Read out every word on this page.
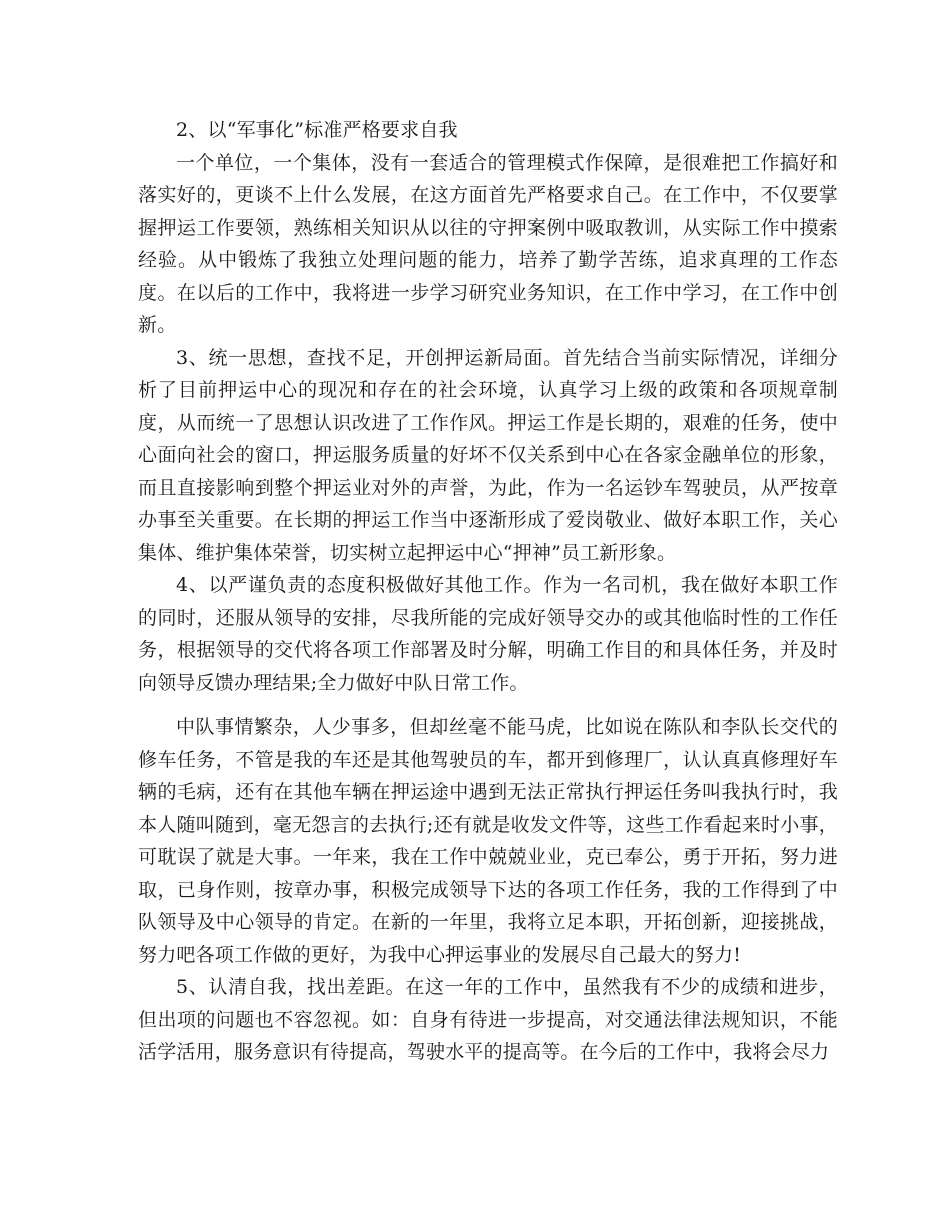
2、以“军事化”标准严格要求自我

一个单位，一个集体，没有一套适合的管理模式作保障，是很难把工作搞好和落实好的，更谈不上什么发展，在这方面首先严格要求自己。在工作中，不仅要掌握押运工作要领，熟练相关知识从以往的守押案例中吸取教训，从实际工作中摸索经验。从中锻炼了我独立处理问题的能力，培养了勤学苦练，追求真理的工作态度。在以后的工作中，我将进一步学习研究业务知识，在工作中学习，在工作中创新。

3、统一思想，查找不足，开创押运新局面。首先结合当前实际情况，详细分析了目前押运中心的现况和存在的社会环境，认真学习上级的政策和各项规章制度，从而统一了思想认识改进了工作作风。押运工作是长期的，艰难的任务，使中心面向社会的窗口，押运服务质量的好坏不仅关系到中心在各家金融单位的形象，而且直接影响到整个押运业对外的声誉，为此，作为一名运钞车驾驶员，从严按章办事至关重要。在长期的押运工作当中逐渐形成了爱岗敬业、做好本职工作，关心集体、维护集体荣誉，切实树立起押运中心“押神”员工新形象。

4、以严谨负责的态度积极做好其他工作。作为一名司机，我在做好本职工作的同时，还服从领导的安排，尽我所能的完成好领导交办的或其他临时性的工作任务，根据领导的交代将各项工作部署及时分解，明确工作目的和具体任务，并及时向领导反馈办理结果;全力做好中队日常工作。

中队事情繁杂，人少事多，但却丝毫不能马虎，比如说在陈队和李队长交代的修车任务，不管是我的车还是其他驾驶员的车，都开到修理厂，认认真真修理好车辆的毛病，还有在其他车辆在押运途中遇到无法正常执行押运任务叫我执行时，我本人随叫随到，毫无怨言的去执行;还有就是收发文件等，这些工作看起来时小事，可耽误了就是大事。一年来，我在工作中兢兢业业，克已奉公，勇于开拓，努力进取，已身作则，按章办事，积极完成领导下达的各项工作任务，我的工作得到了中队领导及中心领导的肯定。在新的一年里，我将立足本职，开拓创新，迎接挑战，努力吧各项工作做的更好，为我中心押运事业的发展尽自己最大的努力!

5、认清自我，找出差距。在这一年的工作中，虽然我有不少的成绩和进步，但出项的问题也不容忽视。如：自身有待进一步提高，对交通法律法规知识，不能活学活用，服务意识有待提高，驾驶水平的提高等。在今后的工作中，我将会尽力
